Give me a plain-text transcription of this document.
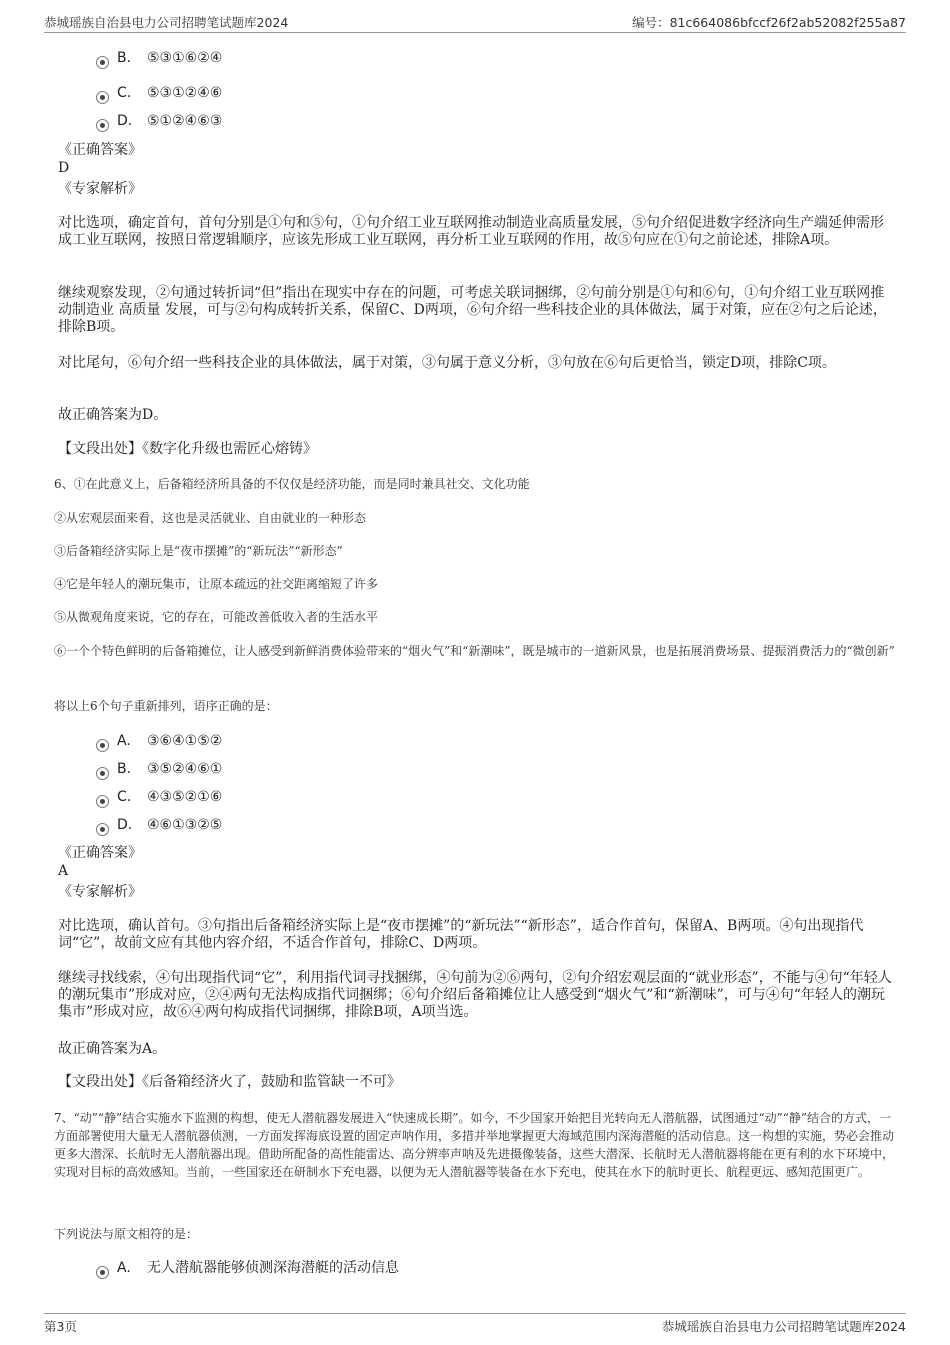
恭城瑶族自治县电力公司招聘笔试题库2024	编号：81c664086bfccf26f2ab52082f255a87
B. ⑤③①⑥②④
C. ⑤③①②④⑥
D. ⑤①②④⑥③
《正确答案》
D
《专家解析》
对比选项，确定首句，首句分别是①句和⑤句，①句介绍工业互联网推动制造业高质量发展，⑤句介绍促进数字经济向生产端延伸需形成工业互联网，按照日常逻辑顺序，应该先形成工业互联网，再分析工业互联网的作用，故⑤句应在①句之前论述，排除A项。
继续观察发现，②句通过转折词“但”指出在现实中存在的问题，可考虑关联词捆绑，②句前分别是①句和⑥句，①句介绍工业互联网推动制造业 高质量 发展，可与②句构成转折关系，保留C、D两项，⑥句介绍一些科技企业的具体做法，属于对策，应在②句之后论述，排除B项。
对比尾句，⑥句介绍一些科技企业的具体做法，属于对策，③句属于意义分析，③句放在⑥句后更恰当，锁定D项，排除C项。
故正确答案为D。
【文段出处】《数字化升级也需匠心熔铸》
6、①在此意义上，后备箱经济所具备的不仅仅是经济功能，而是同时兼具社交、文化功能
②从宏观层面来看，这也是灵活就业、自由就业的一种形态
③后备箱经济实际上是“夜市摆摊”的“新玩法”“新形态”
④它是年轻人的潮玩集市，让原本疏远的社交距离缩短了许多
⑤从微观角度来说，它的存在，可能改善低收入者的生活水平
⑥一个个特色鲜明的后备箱摊位，让人感受到新鲜消费体验带来的“烟火气”和“新潮味”，既是城市的一道新风景，也是拓展消费场景、提振消费活力的“微创新”
将以上6个句子重新排列，语序正确的是：
A. ③⑥④①⑤②
B. ③⑤②④⑥①
C. ④③⑤②①⑥
D. ④⑥①③②⑤
《正确答案》
A
《专家解析》
对比选项，确认首句。③句指出后备箱经济实际上是“夜市摆摊”的“新玩法”“新形态”，适合作首句，保留A、B两项。④句出现指代词“它”，故前文应有其他内容介绍，不适合作首句，排除C、D两项。
继续寻找线索，④句出现指代词“它”，利用指代词寻找捆绑，④句前为②⑥两句，②句介绍宏观层面的“就业形态”，不能与④句“年轻人的潮玩集市”形成对应，②④两句无法构成指代词捆绑；⑥句介绍后备箱摊位让人感受到“烟火气”和“新潮味”，可与④句“年轻人的潮玩集市”形成对应，故⑥④两句构成指代词捆绑，排除B项，A项当选。
故正确答案为A。
【文段出处】《后备箱经济火了，鼓励和监管缺一不可》
7、“动”“静”结合实施水下监测的构想，使无人潜航器发展进入“快速成长期”。如今，不少国家开始把目光转向无人潜航器，试图通过“动”“静”结合的方式，一方面部署使用大量无人潜航器侦测，一方面发挥海底设置的固定声呐作用，多措并举地掌握更大海域范围内深海潜艇的活动信息。这一构想的实施，势必会推动更多大潜深、长航时无人潜航器出现。借助所配备的高性能雷达、高分辨率声呐及先进摄像装备，这些大潜深、长航时无人潜航器将能在更有利的水下环境中，实现对目标的高效感知。当前，一些国家还在研制水下充电器，以便为无人潜航器等装备在水下充电，使其在水下的航时更长、航程更远、感知范围更广。
下列说法与原文相符的是：
A. 无人潜航器能够侦测深海潜艇的活动信息
第3页	恭城瑶族自治县电力公司招聘笔试题库2024
